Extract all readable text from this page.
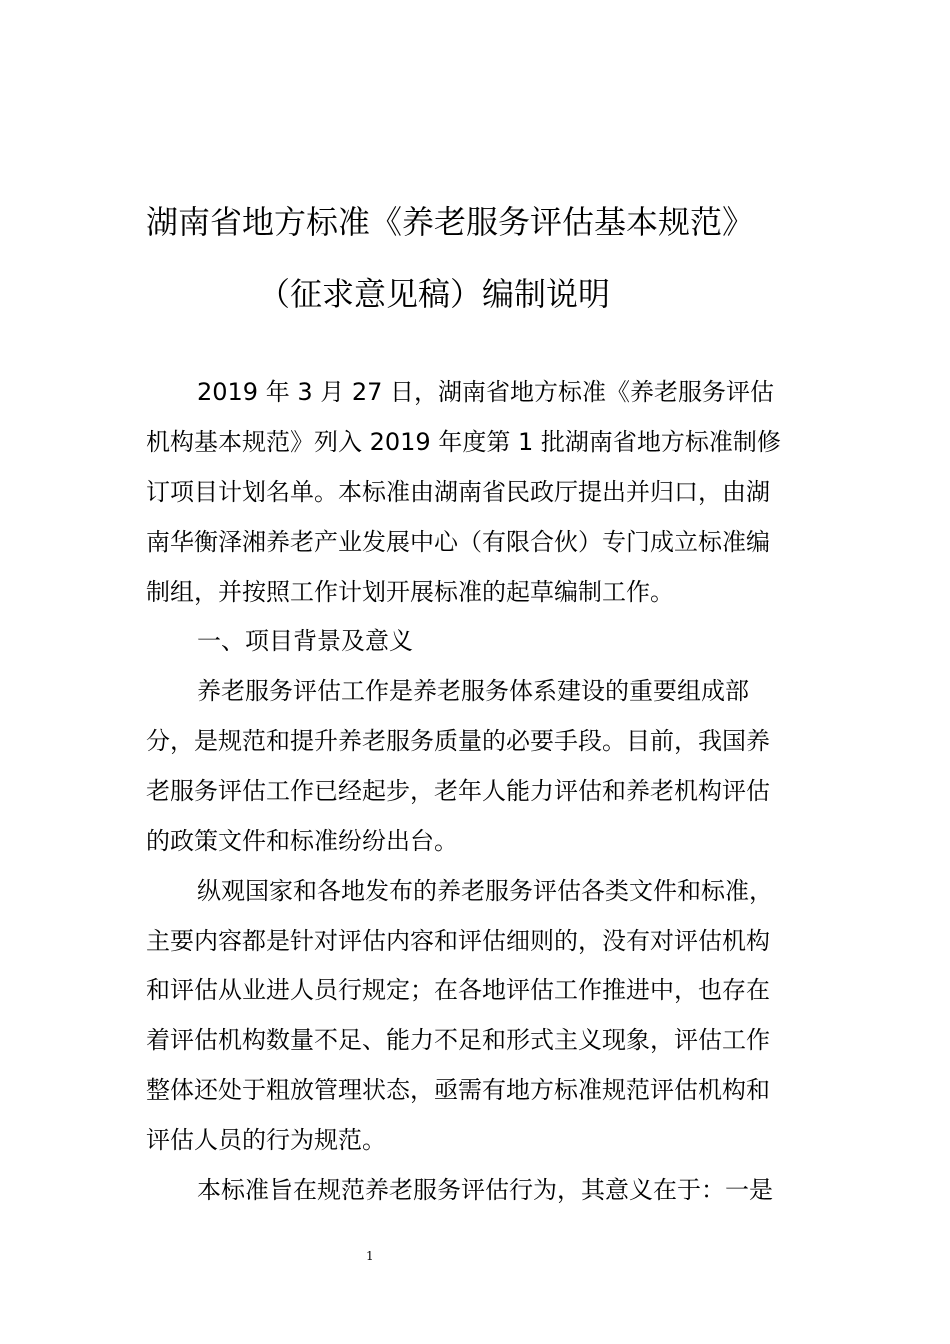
湖南省地方标准《养老服务评估基本规范》
（征求意见稿）编制说明
2019 年 3 月 27 日，湖南省地方标准《养老服务评估
机构基本规范》列入 2019 年度第 1 批湖南省地方标准制修
订项目计划名单。本标准由湖南省民政厅提出并归口，由湖
南华衡泽湘养老产业发展中心（有限合伙）专门成立标准编
制组，并按照工作计划开展标准的起草编制工作。
一、项目背景及意义
养老服务评估工作是养老服务体系建设的重要组成部
分，是规范和提升养老服务质量的必要手段。目前，我国养
老服务评估工作已经起步，老年人能力评估和养老机构评估
的政策文件和标准纷纷出台。
纵观国家和各地发布的养老服务评估各类文件和标准，
主要内容都是针对评估内容和评估细则的，没有对评估机构
和评估从业进人员行规定；在各地评估工作推进中，也存在
着评估机构数量不足、能力不足和形式主义现象，评估工作
整体还处于粗放管理状态，亟需有地方标准规范评估机构和
评估人员的行为规范。
本标准旨在规范养老服务评估行为，其意义在于：一是
1
